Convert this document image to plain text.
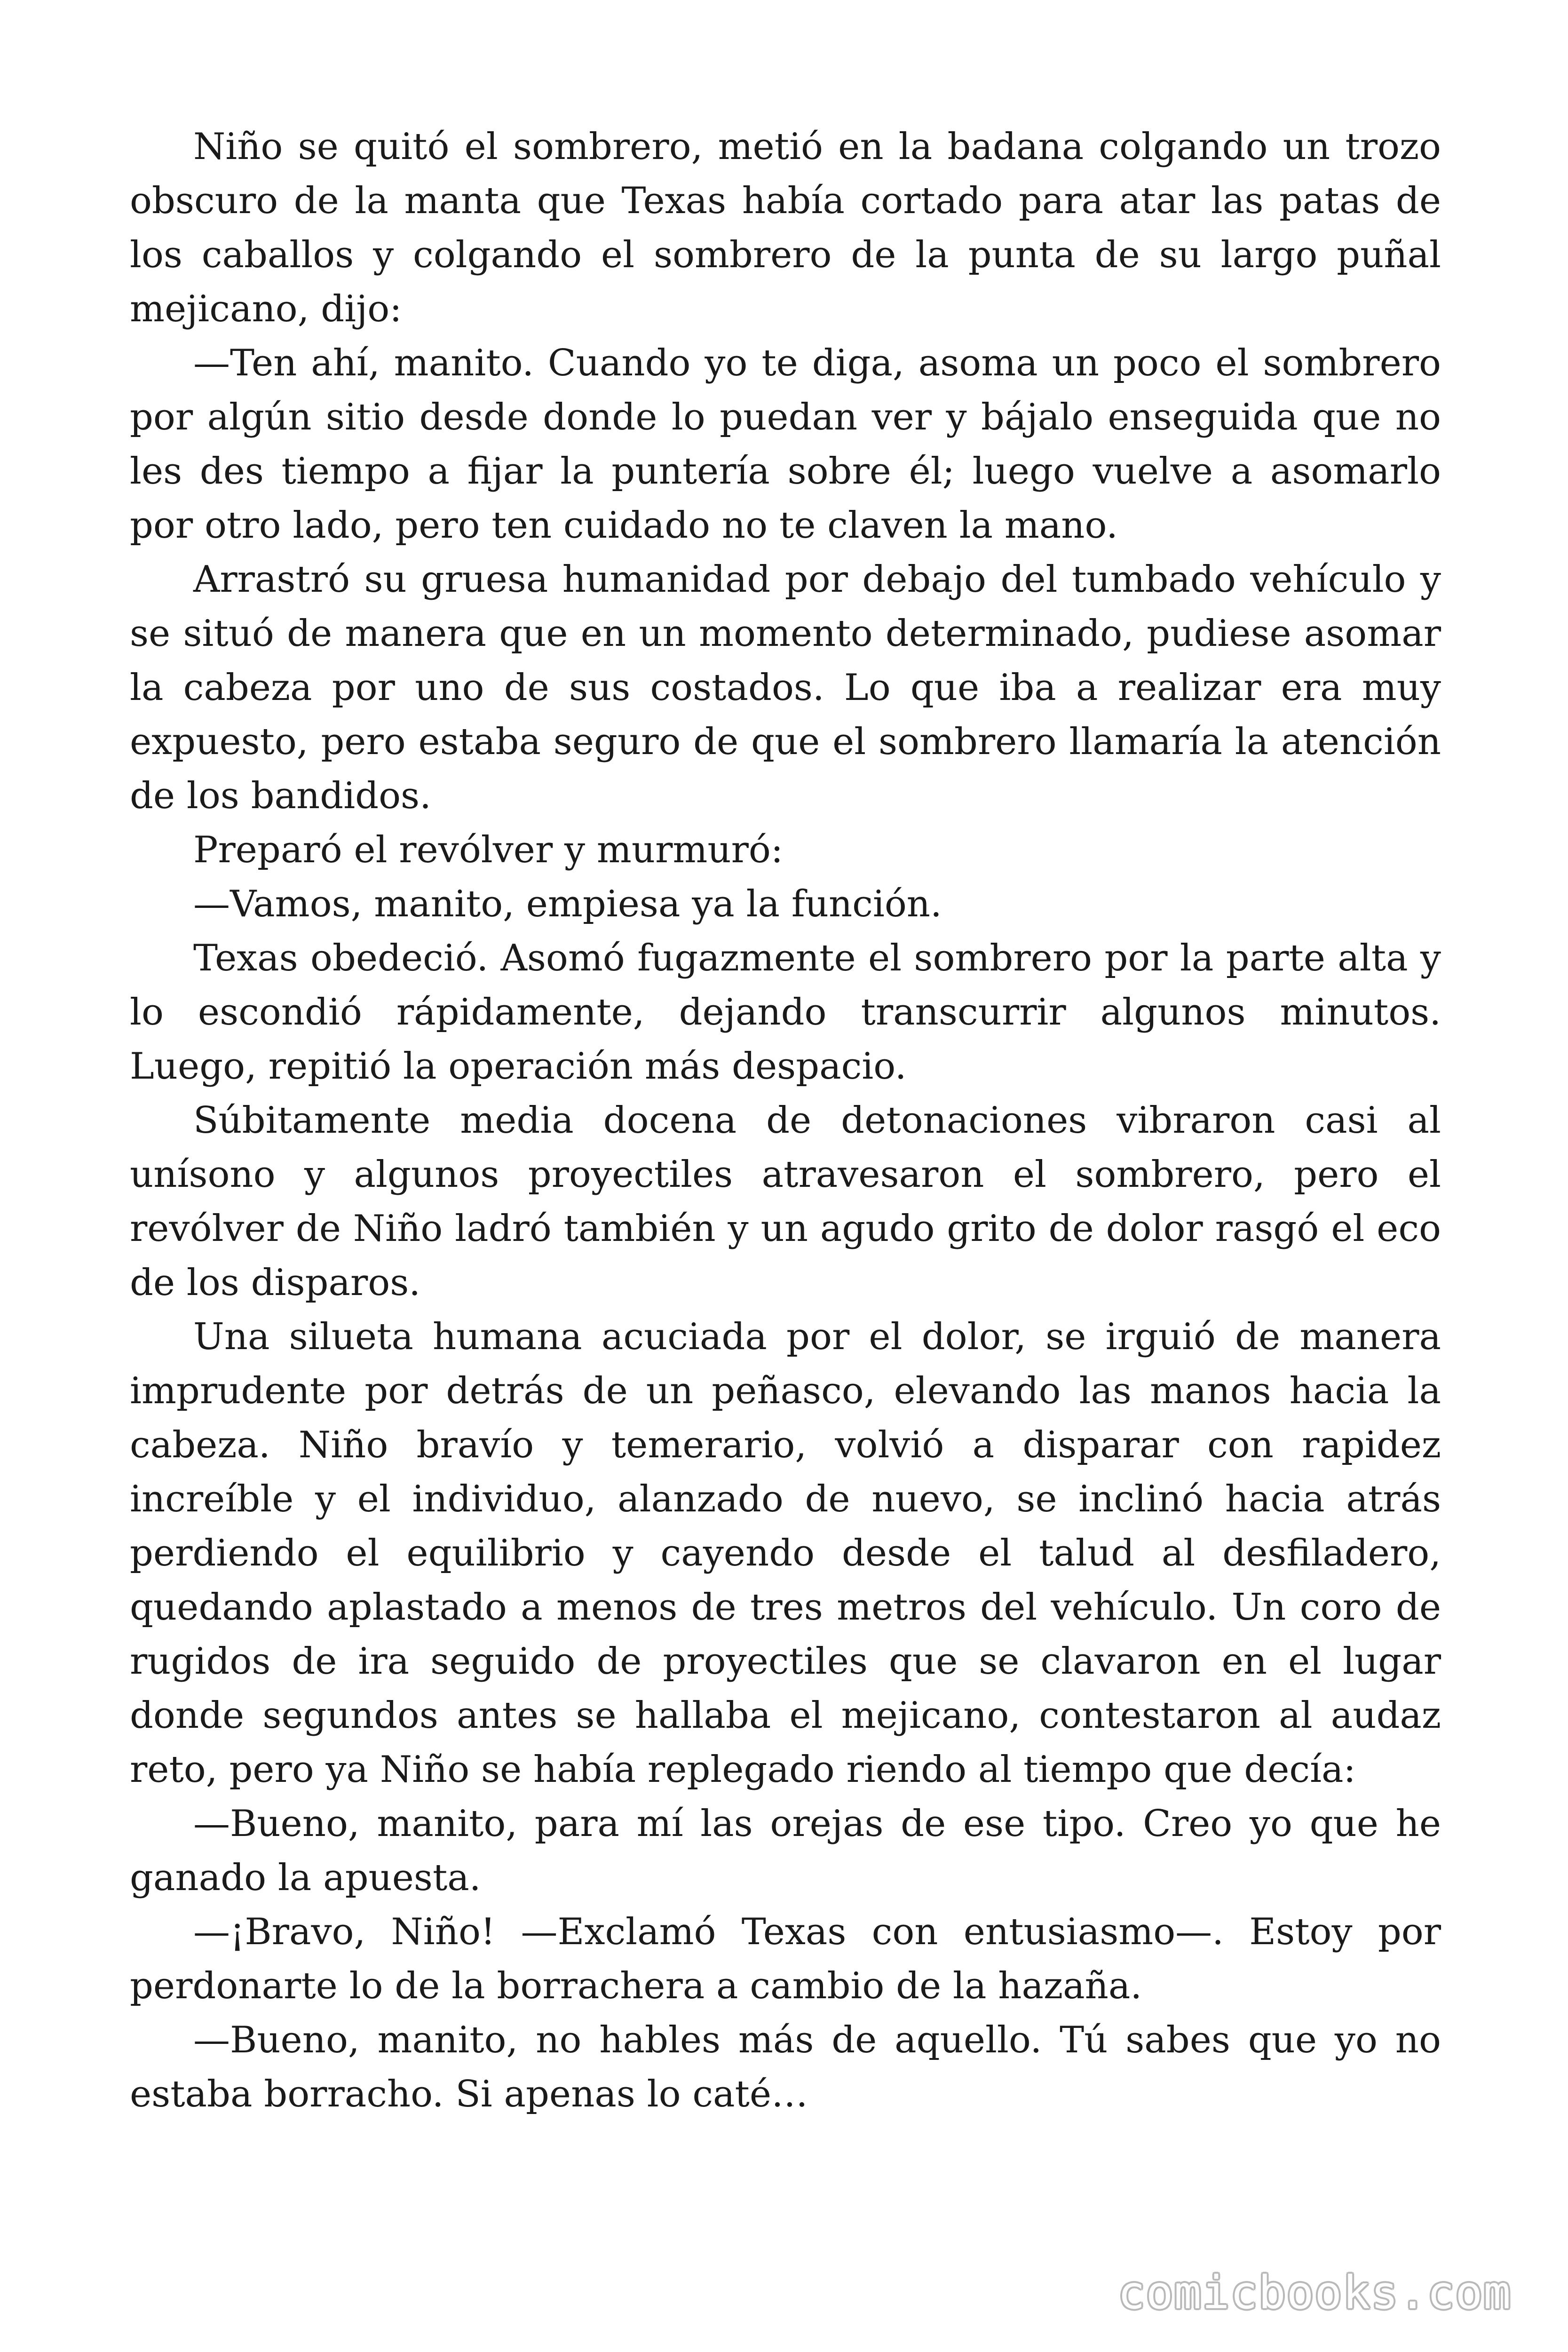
Niño se quitó el sombrero, metió en la badana colgando un trozo obscuro de la manta que Texas había cortado para atar las patas de los caballos y colgando el sombrero de la punta de su largo puñal mejicano, dijo:

—Ten ahí, manito. Cuando yo te diga, asoma un poco el sombrero por algún sitio desde donde lo puedan ver y bájalo enseguida que no les des tiempo a fijar la puntería sobre él; luego vuelve a asomarlo por otro lado, pero ten cuidado no te claven la mano.

Arrastró su gruesa humanidad por debajo del tumbado vehículo y se situó de manera que en un momento determinado, pudiese asomar la cabeza por uno de sus costados. Lo que iba a realizar era muy expuesto, pero estaba seguro de que el sombrero llamaría la atención de los bandidos.

Preparó el revólver y murmuró:

—Vamos, manito, empiesa ya la función.

Texas obedeció. Asomó fugazmente el sombrero por la parte alta y lo escondió rápidamente, dejando transcurrir algunos minutos. Luego, repitió la operación más despacio.

Súbitamente media docena de detonaciones vibraron casi al unísono y algunos proyectiles atravesaron el sombrero, pero el revólver de Niño ladró también y un agudo grito de dolor rasgó el eco de los disparos.

Una silueta humana acuciada por el dolor, se irguió de manera imprudente por detrás de un peñasco, elevando las manos hacia la cabeza. Niño bravío y temerario, volvió a disparar con rapidez increíble y el individuo, alanzado de nuevo, se inclinó hacia atrás perdiendo el equilibrio y cayendo desde el talud al desfiladero, quedando aplastado a menos de tres metros del vehículo. Un coro de rugidos de ira seguido de proyectiles que se clavaron en el lugar donde segundos antes se hallaba el mejicano, contestaron al audaz reto, pero ya Niño se había replegado riendo al tiempo que decía:

—Bueno, manito, para mí las orejas de ese tipo. Creo yo que he ganado la apuesta.

—¡Bravo, Niño! —Exclamó Texas con entusiasmo—. Estoy por perdonarte lo de la borrachera a cambio de la hazaña.

—Bueno, manito, no hables más de aquello. Tú sabes que yo no estaba borracho. Si apenas lo caté…

comicbooks.com
